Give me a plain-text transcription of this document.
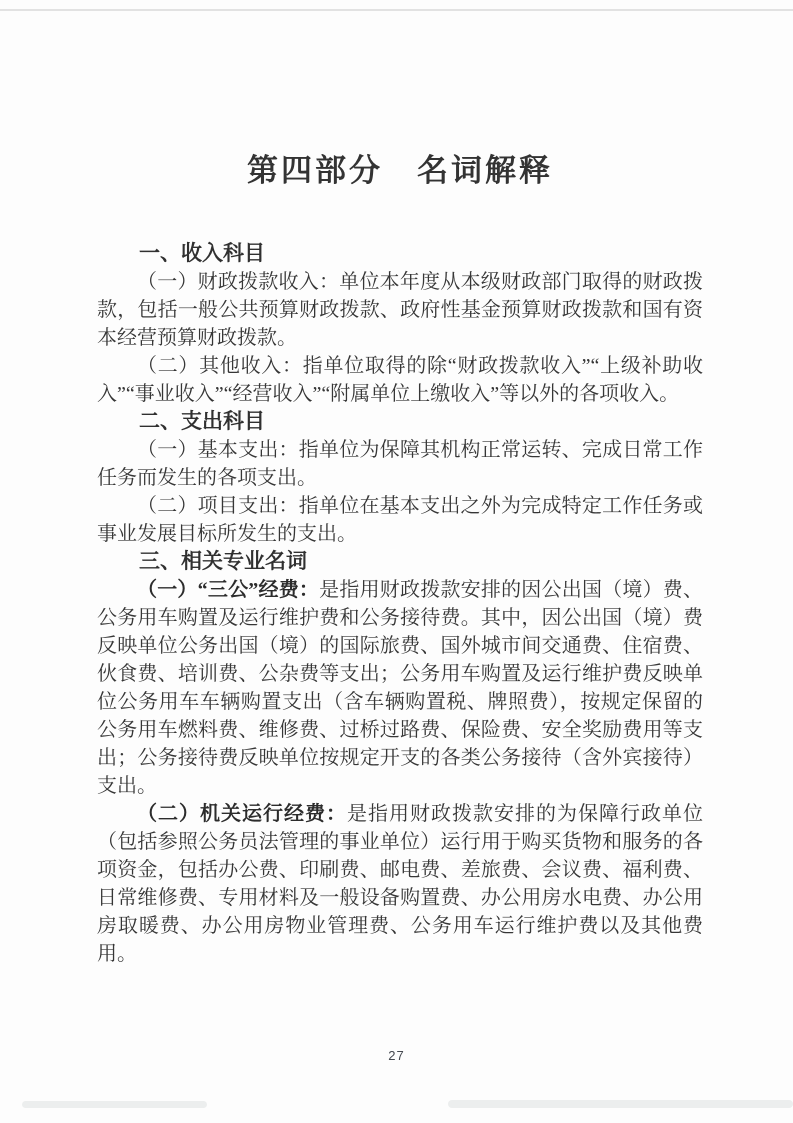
第四部分　名词解释
一、收入科目

（一）财政拨款收入：单位本年度从本级财政部门取得的财政拨款，包括一般公共预算财政拨款、政府性基金预算财政拨款和国有资本经营预算财政拨款。

（二）其他收入：指单位取得的除“财政拨款收入”“上级补助收入”“事业收入”“经营收入”“附属单位上缴收入”等以外的各项收入。

二、支出科目

（一）基本支出：指单位为保障其机构正常运转、完成日常工作任务而发生的各项支出。

（二）项目支出：指单位在基本支出之外为完成特定工作任务或事业发展目标所发生的支出。

三、相关专业名词

（一）“三公”经费：是指用财政拨款安排的因公出国（境）费、公务用车购置及运行维护费和公务接待费。其中，因公出国（境）费反映单位公务出国（境）的国际旅费、国外城市间交通费、住宿费、伙食费、培训费、公杂费等支出；公务用车购置及运行维护费反映单位公务用车车辆购置支出（含车辆购置税、牌照费），按规定保留的公务用车燃料费、维修费、过桥过路费、保险费、安全奖励费用等支出；公务接待费反映单位按规定开支的各类公务接待（含外宾接待）支出。

（二）机关运行经费：是指用财政拨款安排的为保障行政单位（包括参照公务员法管理的事业单位）运行用于购买货物和服务的各项资金，包括办公费、印刷费、邮电费、差旅费、会议费、福利费、日常维修费、专用材料及一般设备购置费、办公用房水电费、办公用房取暖费、办公用房物业管理费、公务用车运行维护费以及其他费用。

27
